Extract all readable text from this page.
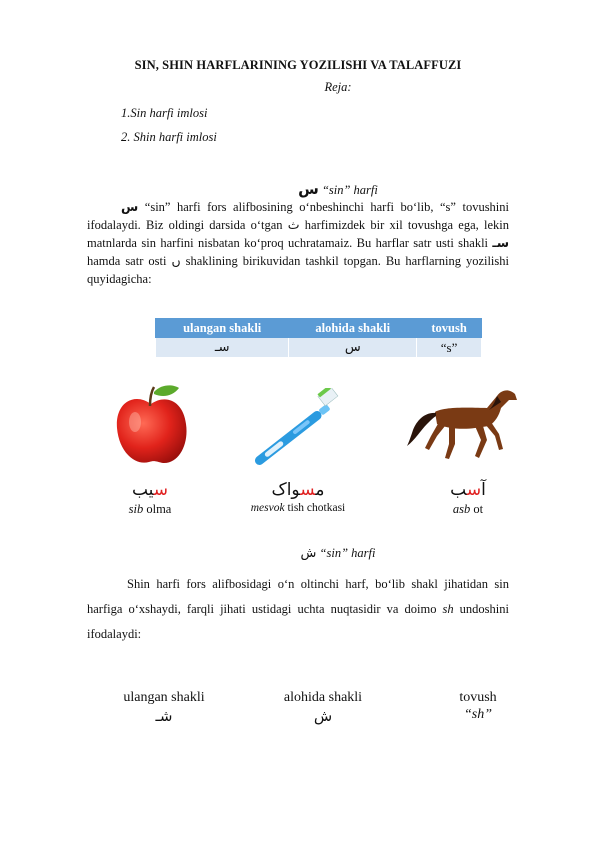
SIN, SHIN HARFLARINING YOZILISHI VA TALAFFUZI
Reja:
1.Sin harfi imlosi
2. Shin harfi imlosi
س “sin” harfi
س “sin” harfi fors alifbosining o‘nbeshinchi harfi bo‘lib, “s” tovushini ifodalaydi. Biz oldingi darsida o‘tgan ث harfimizdek bir xil tovushga ega, lekin matnlarda sin harfini nisbatan ko‘proq uchratamaiz. Bu harflar satr usti shakli سـ hamda satr osti ں shaklining birikuvidan tashkil topgan. Bu harflarning yozilishi quyidagicha:
ulangan shakli	alohida shakli	tovush
سـ	س	“s”
سیب
sib olma
مسواک
mesvok tish chotkasi
آسب
asb ot
ش “sin” harfi
Shin harfi fors alifbosidagi o‘n oltinchi harf, bo‘lib shakl jihatidan sin harfiga o‘xshaydi, farqli jihati ustidagi uchta nuqtasidir va doimo sh undoshini ifodalaydi:
ulangan shakli	alohida shakli	tovush
شـ	ش	“sh”
